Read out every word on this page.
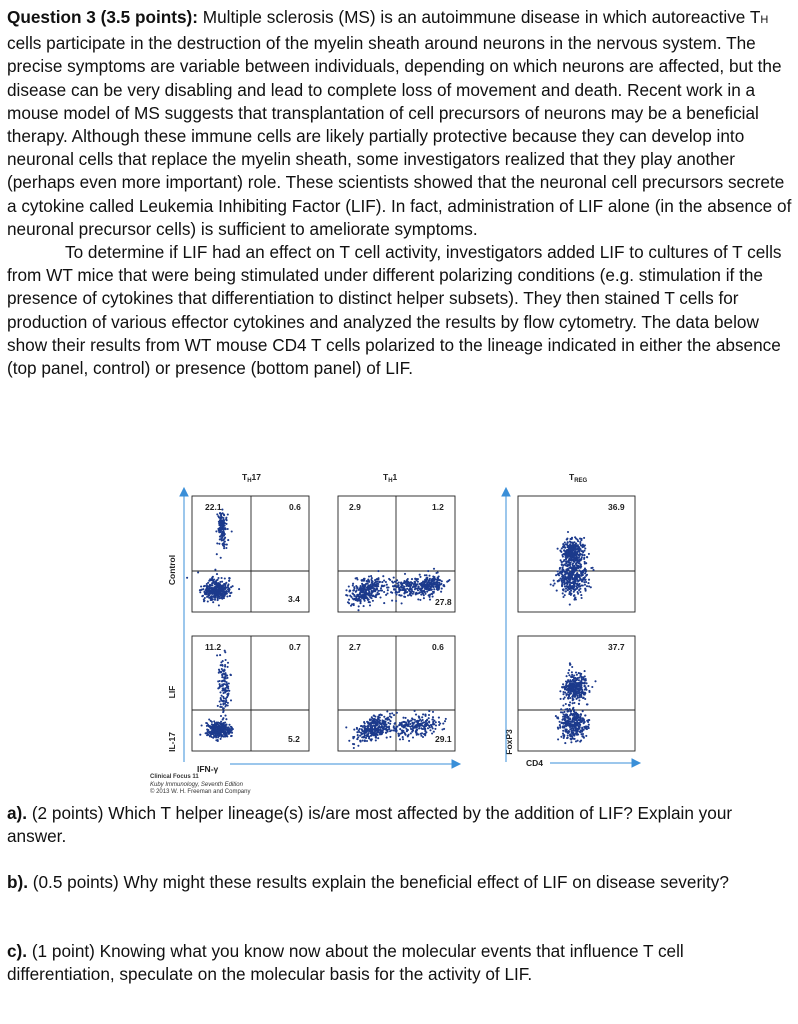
Question 3 (3.5 points): Multiple sclerosis (MS) is an autoimmune disease in which autoreactive TH cells participate in the destruction of the myelin sheath around neurons in the nervous system. The precise symptoms are variable between individuals, depending on which neurons are affected, but the disease can be very disabling and lead to complete loss of movement and death. Recent work in a mouse model of MS suggests that transplantation of cell precursors of neurons may be a beneficial therapy. Although these immune cells are likely partially protective because they can develop into neuronal cells that replace the myelin sheath, some investigators realized that they play another (perhaps even more important) role. These scientists showed that the neuronal cell precursors secrete a cytokine called Leukemia Inhibiting Factor (LIF). In fact, administration of LIF alone (in the absence of neuronal precursor cells) is sufficient to ameliorate symptoms.

To determine if LIF had an effect on T cell activity, investigators added LIF to cultures of T cells from WT mice that were being stimulated under different polarizing conditions (e.g. stimulation if the presence of cytokines that differentiation to distinct helper subsets). They then stained T cells for production of various effector cytokines and analyzed the results by flow cytometry. The data below show their results from WT mouse CD4 T cells polarized to the lineage indicated in either the absence (top panel, control) or presence (bottom panel) of LIF.

$T_H17$	$T_H1$	$T_{REG}$
Control
LIF
IL-17
IFN-γ
FoxP3
CD4
22.1	0.6
3.4
2.9	1.2
27.8
36.9
11.2	0.7
5.2
2.7	0.6
29.1
37.7
Clinical Focus 11
Kuby Immunology, Seventh Edition
© 2013 W. H. Freeman and Company

a). (2 points) Which T helper lineage(s) is/are most affected by the addition of LIF? Explain your answer.

b). (0.5 points) Why might these results explain the beneficial effect of LIF on disease severity?

c). (1 point) Knowing what you know now about the molecular events that influence T cell differentiation, speculate on the molecular basis for the activity of LIF.
